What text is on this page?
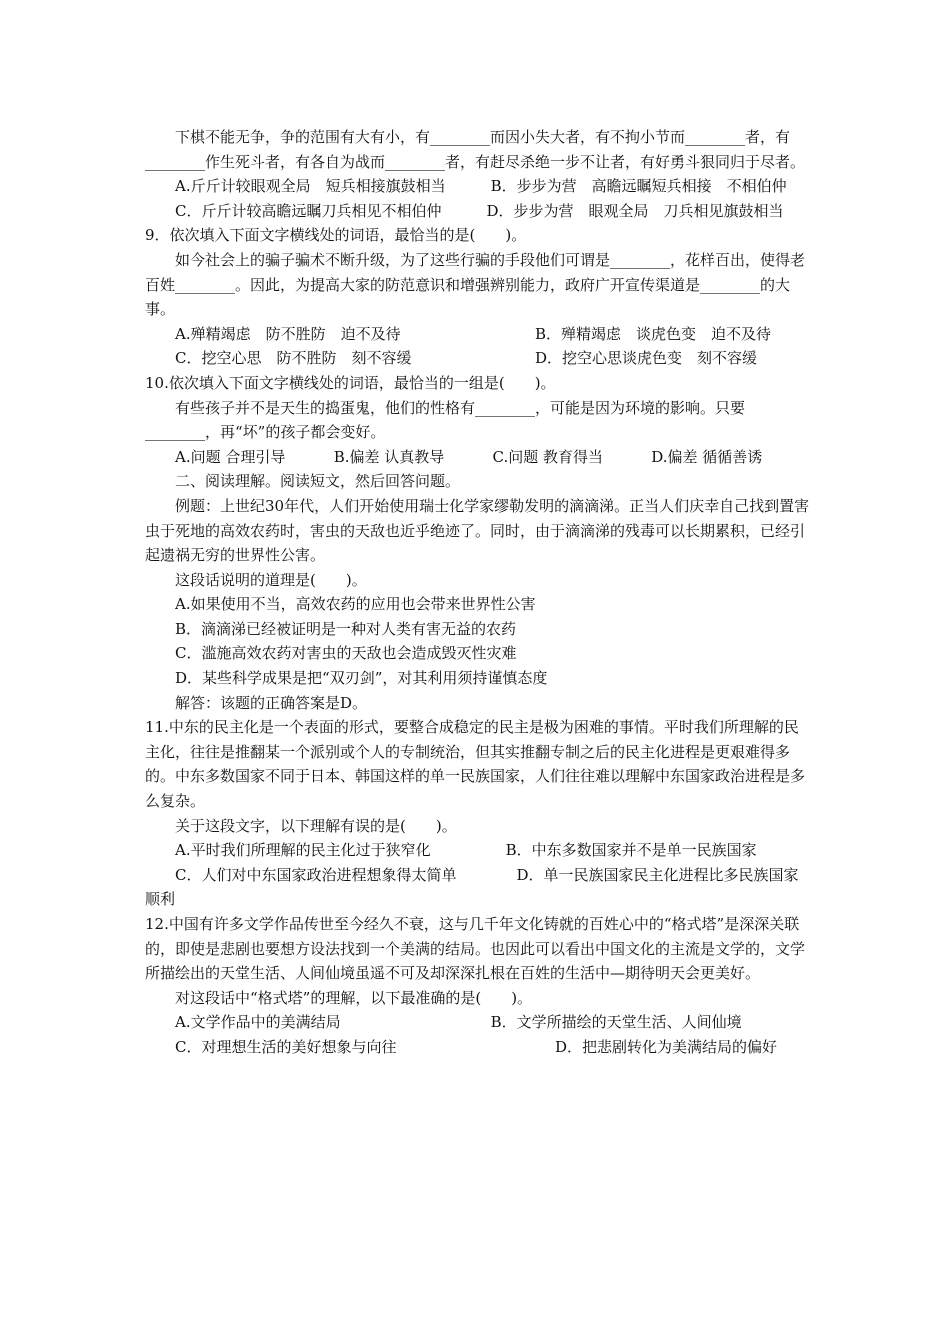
下棋不能无争，争的范围有大有小，有________而因小失大者，有不拘小节而________者，有________作生死斗者，有各自为战而________者，有赶尽杀绝一步不让者，有好勇斗狠同归于尽者。

A.斤斤计较眼观全局　短兵相接旗鼓相当　　　	B．步步为营　高瞻远瞩短兵相接　不相伯仲

C．斤斤计较高瞻远瞩刀兵相见不相伯仲　　　	D．步步为营　眼观全局　刀兵相见旗鼓相当

9．依次填入下面文字横线处的词语，最恰当的是(　　)。

如今社会上的骗子骗术不断升级，为了这些行骗的手段他们可谓是________，花样百出，使得老百姓________。因此，为提高大家的防范意识和增强辨别能力，政府广开宣传渠道是________的大事。

A.殚精竭虑　防不胜防　迫不及待	B．殚精竭虑　谈虎色变　迫不及待
C．挖空心思　防不胜防　刻不容缓	D．挖空心思谈虎色变　刻不容缓

10.依次填入下面文字横线处的词语，最恰当的一组是(　　)。

有些孩子并不是天生的捣蛋鬼，他们的性格有________，可能是因为环境的影响。只要________，再“坏”的孩子都会变好。

A.问题 合理引导	B.偏差 认真教导	C.问题 教育得当	D.偏差 循循善诱

二、阅读理解。阅读短文，然后回答问题。

例题：上世纪30年代，人们开始使用瑞士化学家缪勒发明的滴滴涕。正当人们庆幸自己找到置害虫于死地的高效农药时，害虫的天敌也近乎绝迹了。同时，由于滴滴涕的残毒可以长期累积，已经引起遗祸无穷的世界性公害。

这段话说明的道理是(　　)。

A.如果使用不当，高效农药的应用也会带来世界性公害

B．滴滴涕已经被证明是一种对人类有害无益的农药

C．滥施高效农药对害虫的天敌也会造成毁灭性灾难

D．某些科学成果是把“双刃剑”，对其利用须持谨慎态度

解答：该题的正确答案是D。

11.中东的民主化是一个表面的形式，要整合成稳定的民主是极为困难的事情。平时我们所理解的民主化，往往是推翻某一个派别或个人的专制统治，但其实推翻专制之后的民主化进程是更艰难得多的。中东多数国家不同于日本、韩国这样的单一民族国家，人们往往难以理解中东国家政治进程是多么复杂。

关于这段文字，以下理解有误的是(　　)。

A.平时我们所理解的民主化过于狭窄化　　　　　	B．中东多数国家并不是单一民族国家

C．人们对中东国家政治进程想象得太简单　　　　	D．单一民族国家民主化进程比多民族国家顺利

12.中国有许多文学作品传世至今经久不衰，这与几千年文化铸就的百姓心中的“格式塔”是深深关联的，即使是悲剧也要想方设法找到一个美满的结局。也因此可以看出中国文化的主流是文学的，文学所描绘出的天堂生活、人间仙境虽遥不可及却深深扎根在百姓的生活中—期待明天会更美好。

对这段话中“格式塔”的理解，以下最准确的是(　　)。

A.文学作品中的美满结局　　　　　　　　　　	B．文学所描绘的天堂生活、人间仙境

C．对理想生活的美好想象与向往	D．把悲剧转化为美满结局的偏好
